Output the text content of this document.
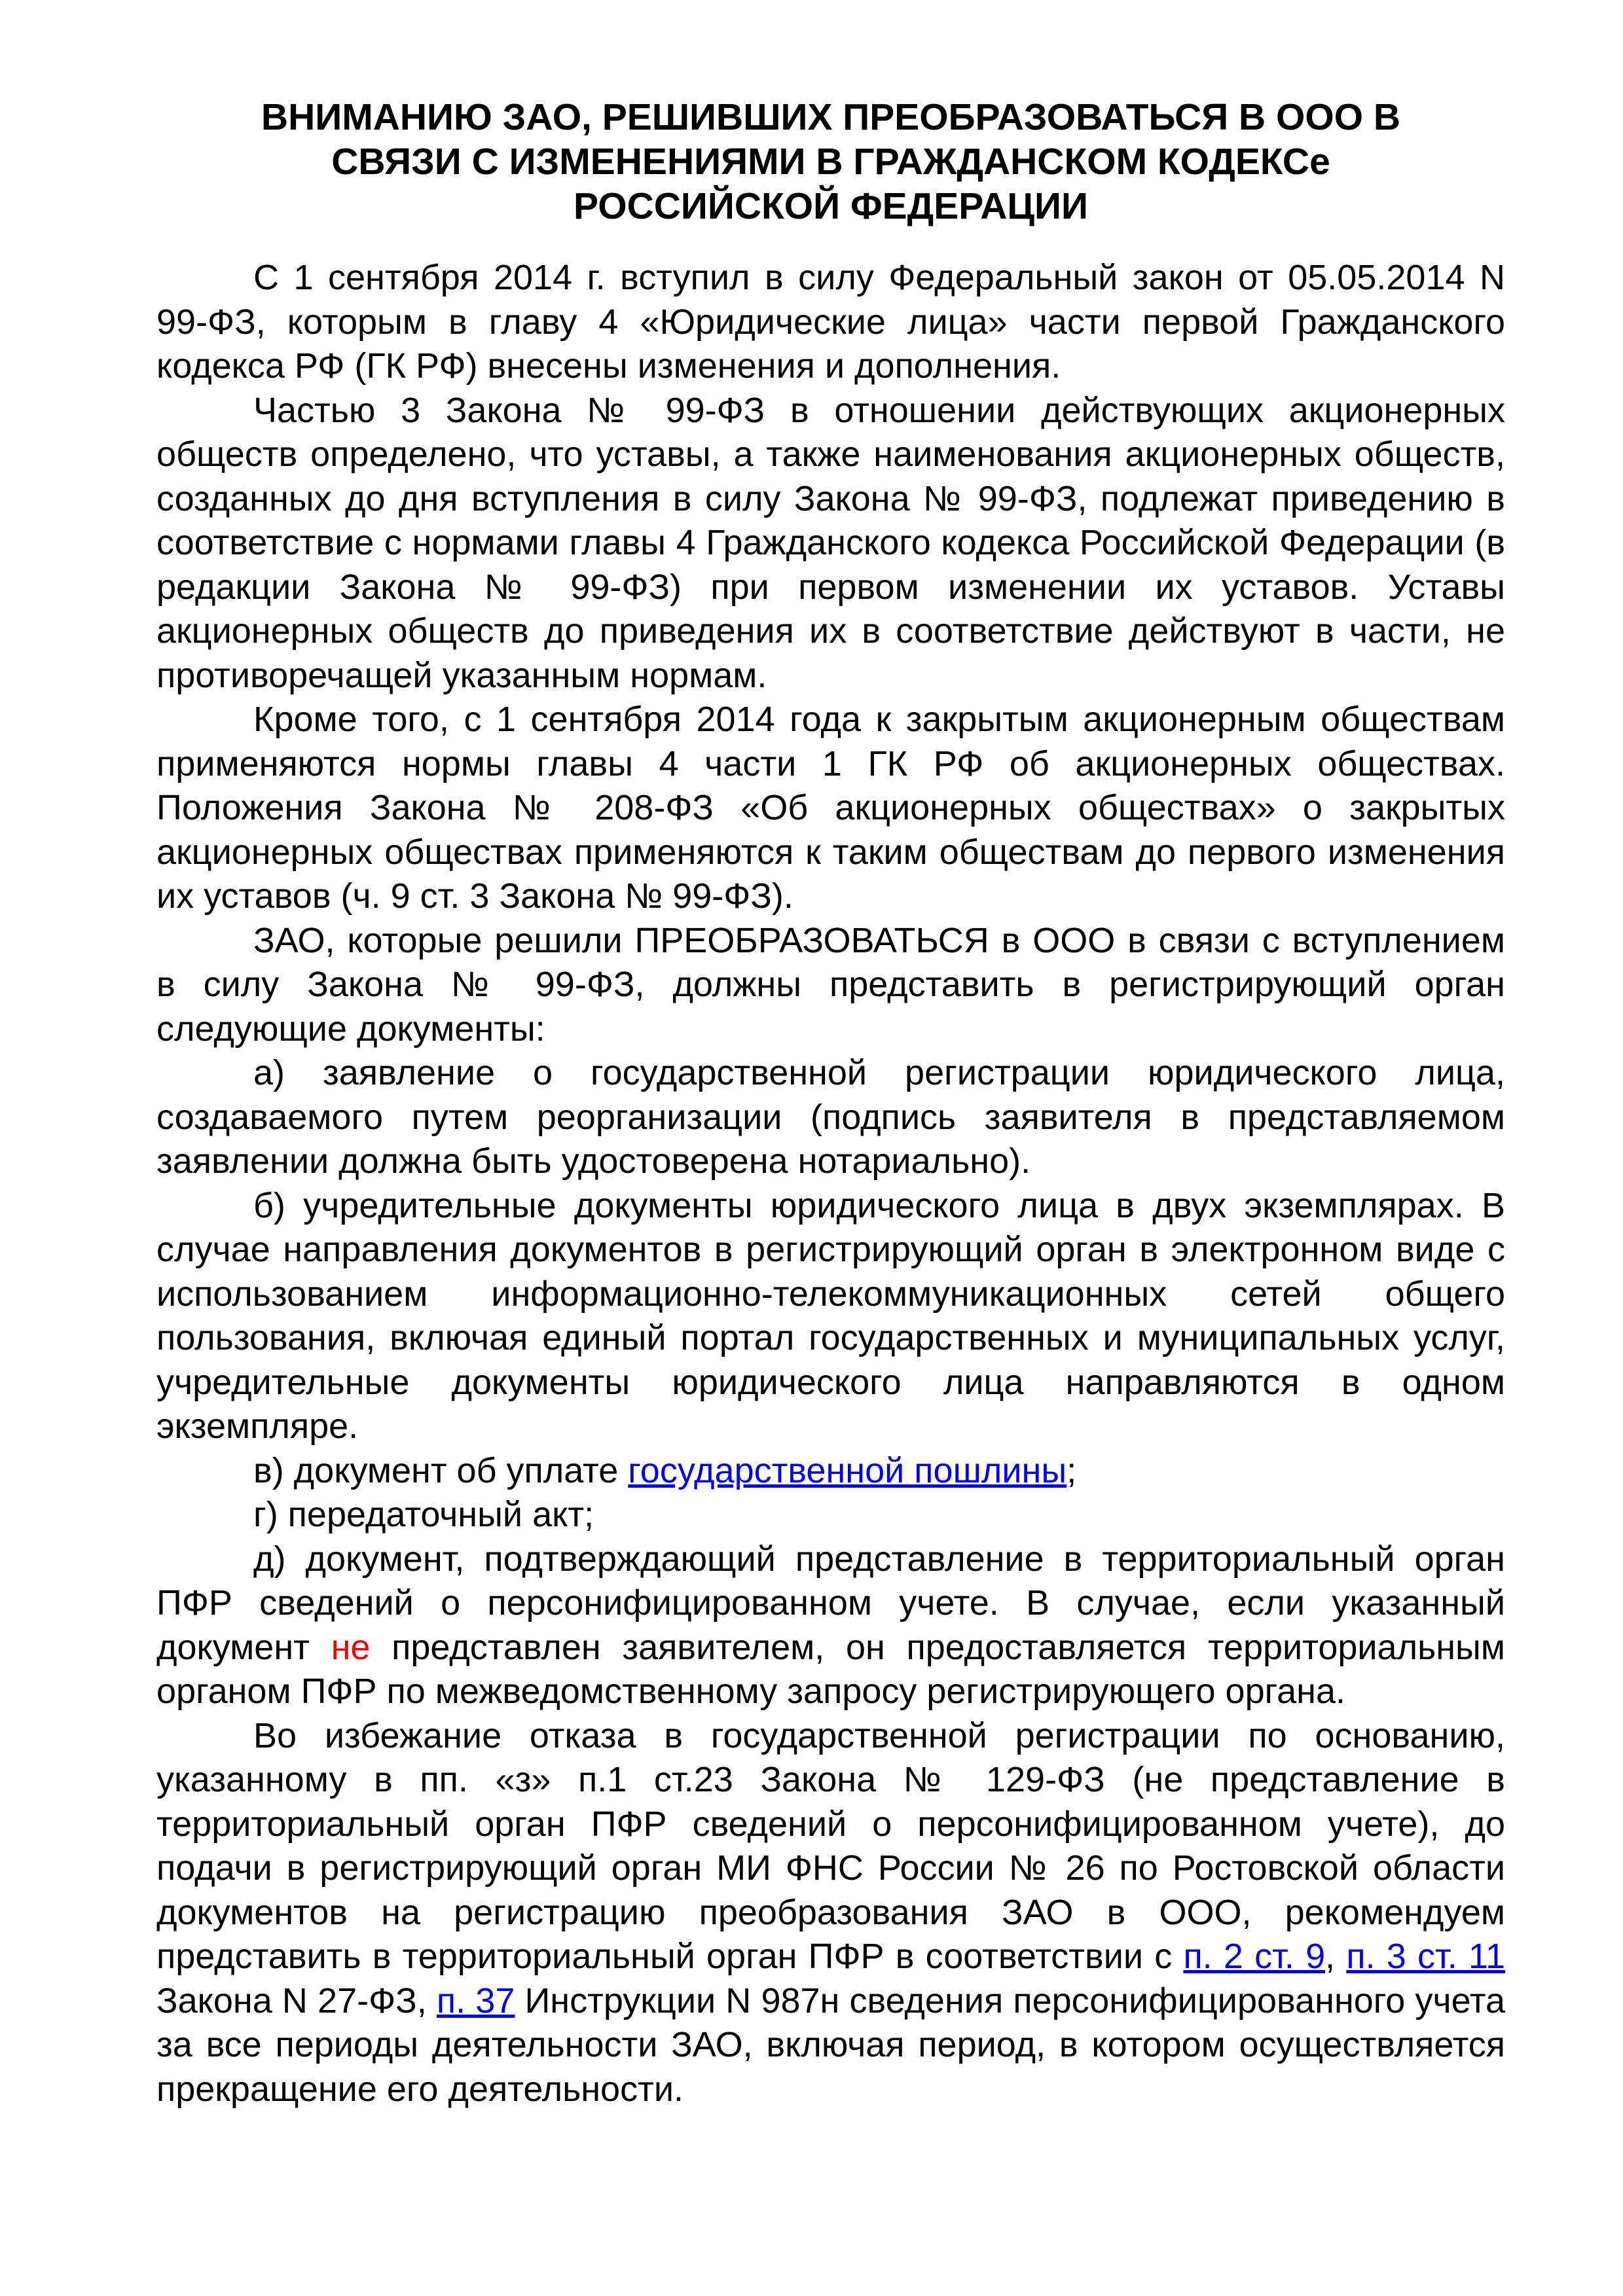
ВНИМАНИЮ ЗАО, РЕШИВШИХ ПРЕОБРАЗОВАТЬСЯ В ООО В
СВЯЗИ С ИЗМЕНЕНИЯМИ В ГРАЖДАНСКОМ КОДЕКСе
РОССИЙСКОЙ ФЕДЕРАЦИИ

С 1 сентября 2014 г. вступил в силу Федеральный закон от 05.05.2014 N 99-ФЗ, которым в главу 4 «Юридические лица» части первой Гражданского кодекса РФ (ГК РФ) внесены изменения и дополнения.

Частью 3 Закона № 99-ФЗ в отношении действующих акционерных обществ определено, что уставы, а также наименования акционерных обществ, созданных до дня вступления в силу Закона № 99-ФЗ, подлежат приведению в соответствие с нормами главы 4 Гражданского кодекса Российской Федерации (в редакции Закона № 99-ФЗ) при первом изменении их уставов. Уставы акционерных обществ до приведения их в соответствие действуют в части, не противоречащей указанным нормам.

Кроме того, с 1 сентября 2014 года к закрытым акционерным обществам применяются нормы главы 4 части 1 ГК РФ об акционерных обществах. Положения Закона № 208-ФЗ «Об акционерных обществах» о закрытых акционерных обществах применяются к таким обществам до первого изменения их уставов (ч. 9 ст. 3 Закона № 99-ФЗ).

ЗАО, которые решили ПРЕОБРАЗОВАТЬСЯ в ООО в связи с вступлением в силу Закона № 99-ФЗ, должны представить в регистрирующий орган следующие документы:

а) заявление о государственной регистрации юридического лица, создаваемого путем реорганизации (подпись заявителя в представляемом заявлении должна быть удостоверена нотариально).

б) учредительные документы юридического лица в двух экземплярах. В случае направления документов в регистрирующий орган в электронном виде с использованием информационно-телекоммуникационных сетей общего пользования, включая единый портал государственных и муниципальных услуг, учредительные документы юридического лица направляются в одном экземпляре.

в) документ об уплате государственной пошлины;

г) передаточный акт;

д) документ, подтверждающий представление в территориальный орган ПФР сведений о персонифицированном учете. В случае, если указанный документ не представлен заявителем, он предоставляется территориальным органом ПФР по межведомственному запросу регистрирующего органа.

Во избежание отказа в государственной регистрации по основанию, указанному в пп. «з» п.1 ст.23 Закона № 129-ФЗ (не представление в территориальный орган ПФР сведений о персонифицированном учете), до подачи в регистрирующий орган МИ ФНС России № 26 по Ростовской области документов на регистрацию преобразования ЗАО в ООО, рекомендуем представить в территориальный орган ПФР в соответствии с п. 2 ст. 9, п. 3 ст. 11 Закона N 27-ФЗ, п. 37 Инструкции N 987н сведения персонифицированного учета за все периоды деятельности ЗАО, включая период, в котором осуществляется прекращение его деятельности.
